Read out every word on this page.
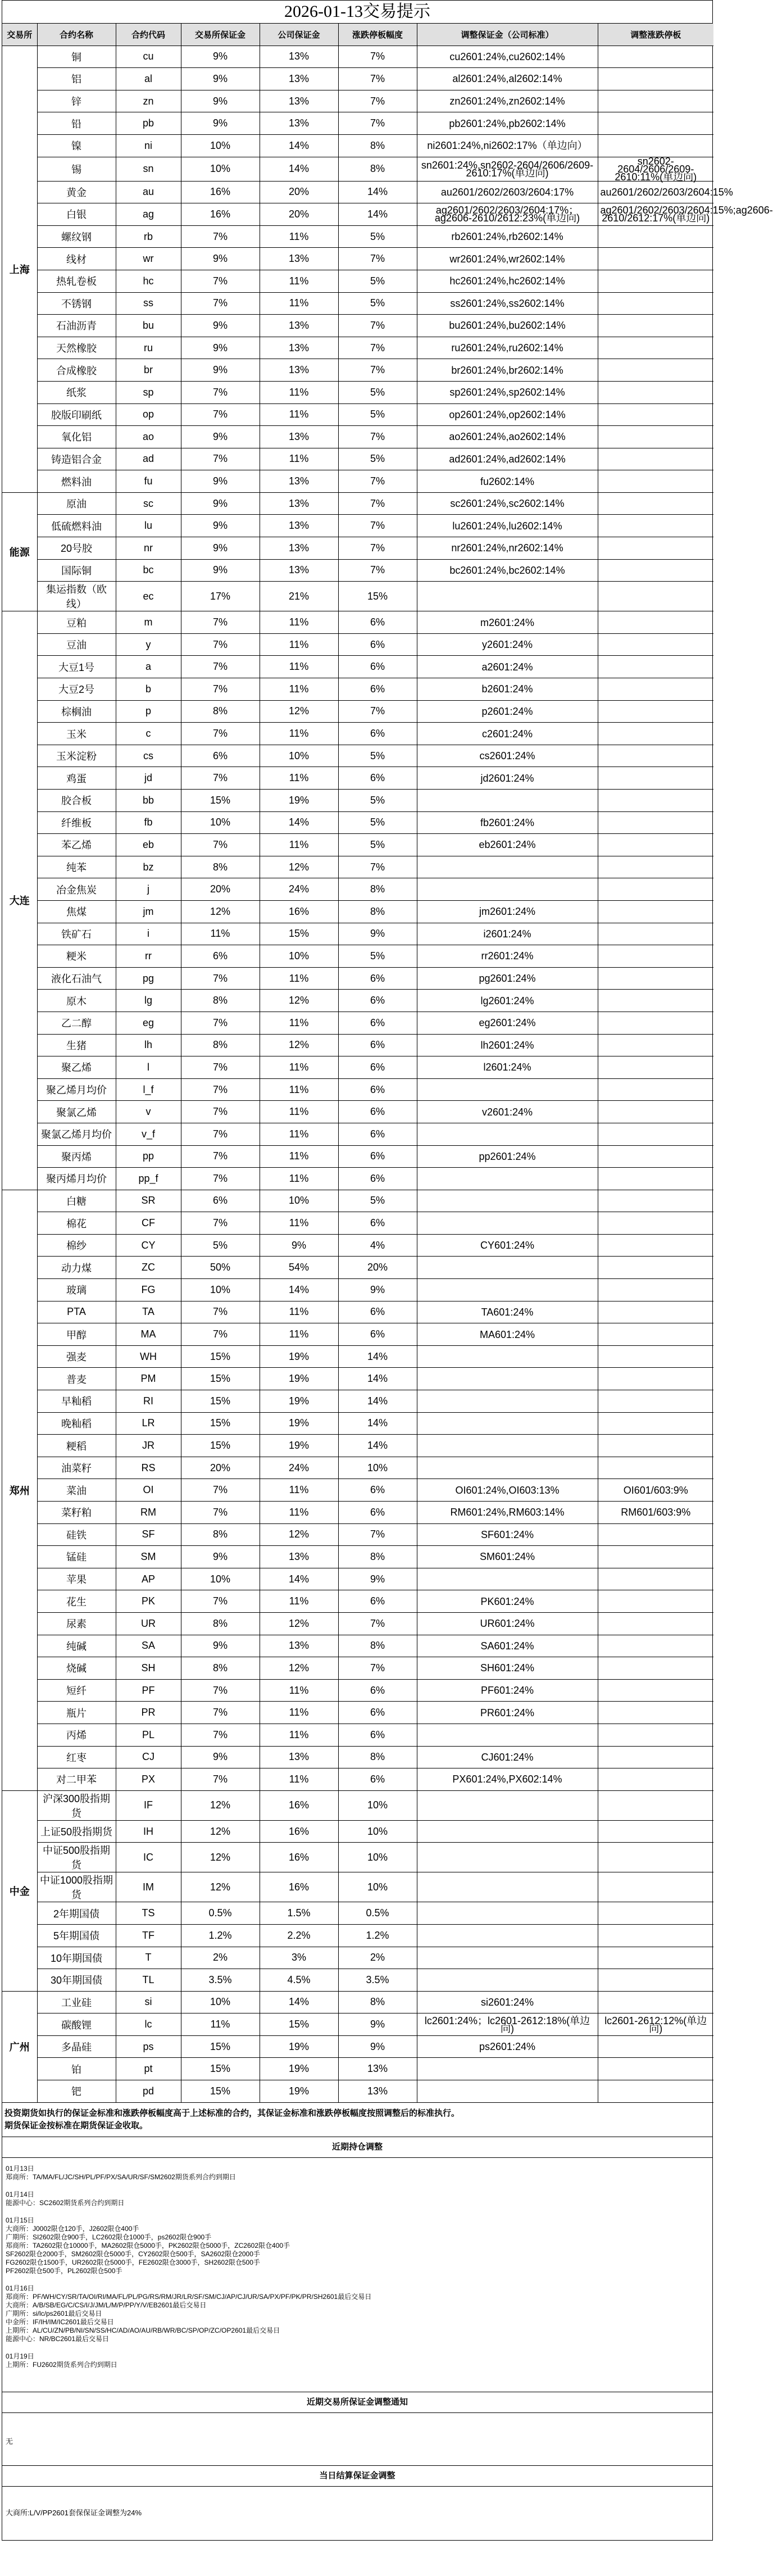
2026-01-13交易提示
交易所	合约名称	合约代码	交易所保证金	公司保证金	涨跌停板幅度	调整保证金（公司标准）	调整涨跌停板
上海	铜	cu	9%	13%	7%	cu2601:24%,cu2602:14%	
	铝	al	9%	13%	7%	al2601:24%,al2602:14%	
	锌	zn	9%	13%	7%	zn2601:24%,zn2602:14%	
	铅	pb	9%	13%	7%	pb2601:24%,pb2602:14%	
	镍	ni	10%	14%	8%	ni2601:24%,ni2602:17%（单边向）	
	锡	sn	10%	14%	8%	sn2601:24%,sn2602-2604/2606/2609-2610:17%(单边向)	sn2602-2604/2606/2609-2610:11%(单边向)
	黄金	au	16%	20%	14%	au2601/2602/2603/2604:17%	au2601/2602/2603/2604:15%
	白银	ag	16%	20%	14%	ag2601/2602/2603/2604:17%；ag2606-2610/2612:23%(单边向)	ag2601/2602/2603/2604:15%;ag2606-2610/2612:17%(单边向)
	螺纹钢	rb	7%	11%	5%	rb2601:24%,rb2602:14%	
	线材	wr	9%	13%	7%	wr2601:24%,wr2602:14%	
	热轧卷板	hc	7%	11%	5%	hc2601:24%,hc2602:14%	
	不锈钢	ss	7%	11%	5%	ss2601:24%,ss2602:14%	
	石油沥青	bu	9%	13%	7%	bu2601:24%,bu2602:14%	
	天然橡胶	ru	9%	13%	7%	ru2601:24%,ru2602:14%	
	合成橡胶	br	9%	13%	7%	br2601:24%,br2602:14%	
	纸浆	sp	7%	11%	5%	sp2601:24%,sp2602:14%	
	胶版印刷纸	op	7%	11%	5%	op2601:24%,op2602:14%	
	氧化铝	ao	9%	13%	7%	ao2601:24%,ao2602:14%	
	铸造铝合金	ad	7%	11%	5%	ad2601:24%,ad2602:14%	
	燃料油	fu	9%	13%	7%	fu2602:14%	
能源	原油	sc	9%	13%	7%	sc2601:24%,sc2602:14%	
	低硫燃料油	lu	9%	13%	7%	lu2601:24%,lu2602:14%	
	20号胶	nr	9%	13%	7%	nr2601:24%,nr2602:14%	
	国际铜	bc	9%	13%	7%	bc2601:24%,bc2602:14%	
	集运指数（欧线）	ec	17%	21%	15%		
大连	豆粕	m	7%	11%	6%	m2601:24%	
	豆油	y	7%	11%	6%	y2601:24%	
	大豆1号	a	7%	11%	6%	a2601:24%	
	大豆2号	b	7%	11%	6%	b2601:24%	
	棕榈油	p	8%	12%	7%	p2601:24%	
	玉米	c	7%	11%	6%	c2601:24%	
	玉米淀粉	cs	6%	10%	5%	cs2601:24%	
	鸡蛋	jd	7%	11%	6%	jd2601:24%	
	胶合板	bb	15%	19%	5%		
	纤维板	fb	10%	14%	5%	fb2601:24%	
	苯乙烯	eb	7%	11%	5%	eb2601:24%	
	纯苯	bz	8%	12%	7%		
	冶金焦炭	j	20%	24%	8%		
	焦煤	jm	12%	16%	8%	jm2601:24%	
	铁矿石	i	11%	15%	9%	i2601:24%	
	粳米	rr	6%	10%	5%	rr2601:24%	
	液化石油气	pg	7%	11%	6%	pg2601:24%	
	原木	lg	8%	12%	6%	lg2601:24%	
	乙二醇	eg	7%	11%	6%	eg2601:24%	
	生猪	lh	8%	12%	6%	lh2601:24%	
	聚乙烯	l	7%	11%	6%	l2601:24%	
	聚乙烯月均价	l_f	7%	11%	6%		
	聚氯乙烯	v	7%	11%	6%	v2601:24%	
	聚氯乙烯月均价	v_f	7%	11%	6%		
	聚丙烯	pp	7%	11%	6%	pp2601:24%	
	聚丙烯月均价	pp_f	7%	11%	6%		
郑州	白糖	SR	6%	10%	5%		
	棉花	CF	7%	11%	6%		
	棉纱	CY	5%	9%	4%	CY601:24%	
	动力煤	ZC	50%	54%	20%		
	玻璃	FG	10%	14%	9%		
	PTA	TA	7%	11%	6%	TA601:24%	
	甲醇	MA	7%	11%	6%	MA601:24%	
	强麦	WH	15%	19%	14%		
	普麦	PM	15%	19%	14%		
	早籼稻	RI	15%	19%	14%		
	晚籼稻	LR	15%	19%	14%		
	粳稻	JR	15%	19%	14%		
	油菜籽	RS	20%	24%	10%		
	菜油	OI	7%	11%	6%	OI601:24%,OI603:13%	OI601/603:9%
	菜籽粕	RM	7%	11%	6%	RM601:24%,RM603:14%	RM601/603:9%
	硅铁	SF	8%	12%	7%	SF601:24%	
	锰硅	SM	9%	13%	8%	SM601:24%	
	苹果	AP	10%	14%	9%		
	花生	PK	7%	11%	6%	PK601:24%	
	尿素	UR	8%	12%	7%	UR601:24%	
	纯碱	SA	9%	13%	8%	SA601:24%	
	烧碱	SH	8%	12%	7%	SH601:24%	
	短纤	PF	7%	11%	6%	PF601:24%	
	瓶片	PR	7%	11%	6%	PR601:24%	
	丙烯	PL	7%	11%	6%		
	红枣	CJ	9%	13%	8%	CJ601:24%	
	对二甲苯	PX	7%	11%	6%	PX601:24%,PX602:14%	
中金	沪深300股指期货	IF	12%	16%	10%		
	上证50股指期货	IH	12%	16%	10%		
	中证500股指期货	IC	12%	16%	10%		
	中证1000股指期货	IM	12%	16%	10%		
	2年期国债	TS	0.5%	1.5%	0.5%		
	5年期国债	TF	1.2%	2.2%	1.2%		
	10年期国债	T	2%	3%	2%		
	30年期国债	TL	3.5%	4.5%	3.5%		
广州	工业硅	si	10%	14%	8%	si2601:24%	
	碳酸锂	lc	11%	15%	9%	lc2601:24%；lc2601-2612:18%(单边向)	lc2601-2612:12%(单边向)
	多晶硅	ps	15%	19%	9%	ps2601:24%	
	铂	pt	15%	19%	13%		
	钯	pd	15%	19%	13%		
投资期货如执行的保证金标准和涨跌停板幅度高于上述标准的合约，其保证金标准和涨跌停板幅度按照调整后的标准执行。
期货保证金按标准在期货保证金收取。
近期持仓调整
01月13日
郑商所：TA/MA/FL/JC/SH/PL/PF/PX/SA/UR/SF/SM2602期货系列合约到期日
01月14日
能源中心：SC2602期货系列合约到期日
01月15日
大商所：J0002限仓120手，J2602限仓400手
广期所：SI2602限仓900手，LC2602限仓1000手，ps2602限仓900手
郑商所：TA2602限仓10000手，MA2602限仓5000手，PK2602限仓5000手，ZC2602限仓400手
SF2602限仓2000手，SM2602限仓5000手，CY2602限仓500手，SA2602限仓2000手
FG2602限仓1500手，UR2602限仓5000手，FE2602限仓3000手，SH2602限仓500手
PF2602限仓500手，PL2602限仓500手
01月16日
郑商所：PF/WH/CY/SR/TA/OI/RI/MA/FL/PL/PG/RS/RM/JR/LR/SF/SM/CJ/AP/CJ/UR/SA/PX/PF/PK/PR/SH2601最后交易日
大商所：A/B/SB/EG/C/CS/I/J/JM/L/M/P/PP/Y/V/EB2601最后交易日
广期所：si/lc/ps2601最后交易日
中金所：IF/IH/IM/IC2601最后交易日
上期所：AL/CU/ZN/PB/NI/SN/SS/HC/AD/AO/AU/RB/WR/BC/SP/OP/ZC/OP2601最后交易日
能源中心：NR/BC2601最后交易日
01月19日
上期所：FU2602期货系列合约到期日
近期交易所保证金调整通知
无
当日结算保证金调整
大商所:L/V/PP2601套保保证金调整为24%
